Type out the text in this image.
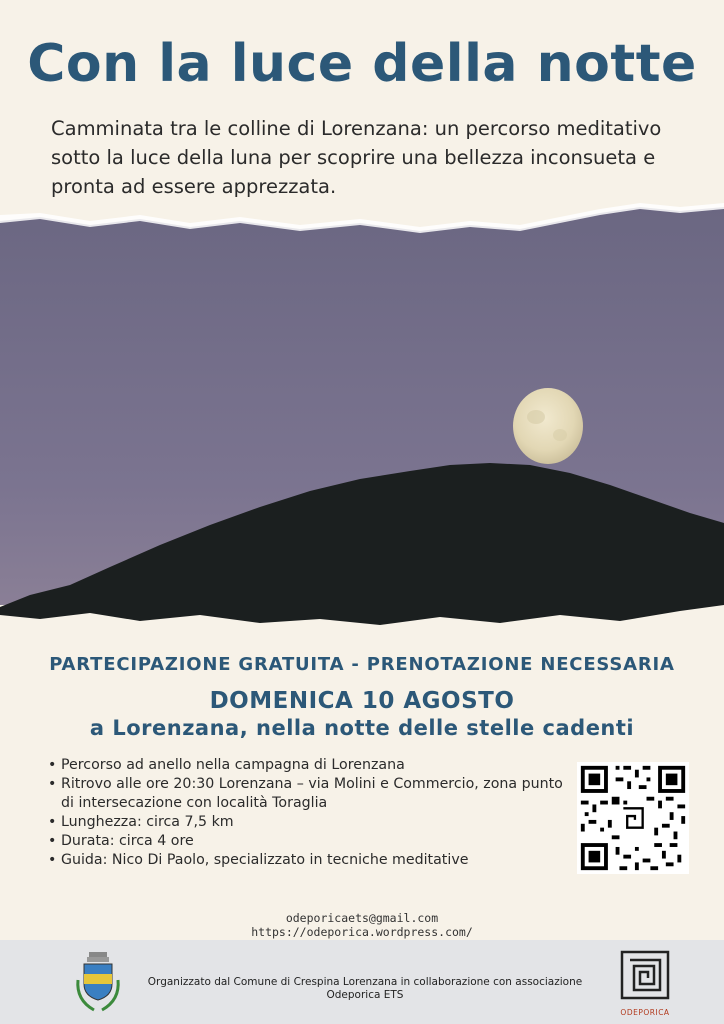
Con la luce della notte

Camminata tra le colline di Lorenzana: un percorso meditativo sotto la luce della luna per scoprire una bellezza inconsueta e pronta ad essere apprezzata.

PARTECIPAZIONE GRATUITA - PRENOTAZIONE NECESSARIA
DOMENICA 10 AGOSTO
a Lorenzana, nella notte delle stelle cadenti
• Percorso ad anello nella campagna di Lorenzana
• Ritrovo alle ore 20:30 Lorenzana – via Molini e Commercio, zona punto di intersecazione con località Toraglia
• Lunghezza: circa 7,5 km
• Durata: circa 4 ore
• Guida: Nico Di Paolo, specializzato in tecniche meditative
odeporicaets@gmail.com
https://odeporica.wordpress.com/
Organizzato dal Comune di Crespina Lorenzana in collaborazione con associazione Odeporica ETS
ODEPORICA
